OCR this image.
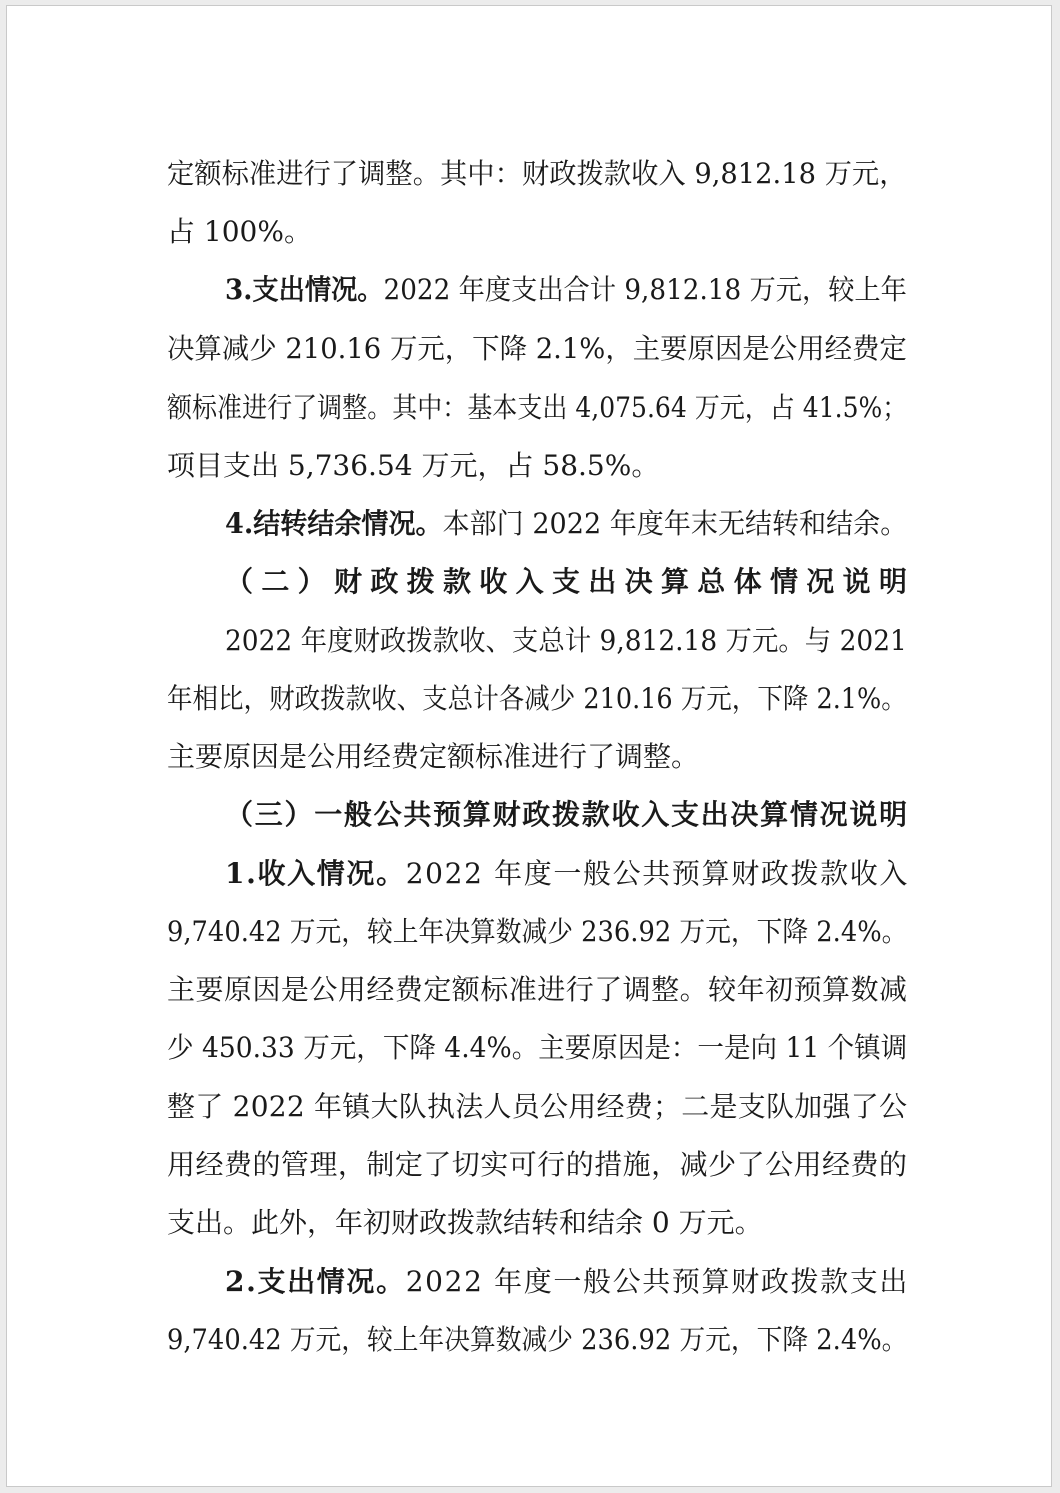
定额标准进行了调整。其中：财政拨款收入 9,812.18 万元，
占 100%。
3.支出情况。2022 年度支出合计 9,812.18 万元，较上年
决算减少 210.16 万元，下降 2.1%，主要原因是公用经费定
额标准进行了调整。其中：基本支出 4,075.64 万元，占 41.5%；
项目支出 5,736.54 万元，占 58.5%。
4.结转结余情况。本部门 2022 年度年末无结转和结余。
（二）财政拨款收入支出决算总体情况说明
2022 年度财政拨款收、支总计 9,812.18 万元。与 2021
年相比，财政拨款收、支总计各减少 210.16 万元，下降 2.1%。
主要原因是公用经费定额标准进行了调整。
（三）一般公共预算财政拨款收入支出决算情况说明
1.收入情况。2022 年度一般公共预算财政拨款收入
9,740.42 万元，较上年决算数减少 236.92 万元，下降 2.4%。
主要原因是公用经费定额标准进行了调整。较年初预算数减
少 450.33 万元，下降 4.4%。主要原因是：一是向 11 个镇调
整了 2022 年镇大队执法人员公用经费；二是支队加强了公
用经费的管理，制定了切实可行的措施，减少了公用经费的
支出。此外，年初财政拨款结转和结余 0 万元。
2.支出情况。2022 年度一般公共预算财政拨款支出
9,740.42 万元，较上年决算数减少 236.92 万元，下降 2.4%。
